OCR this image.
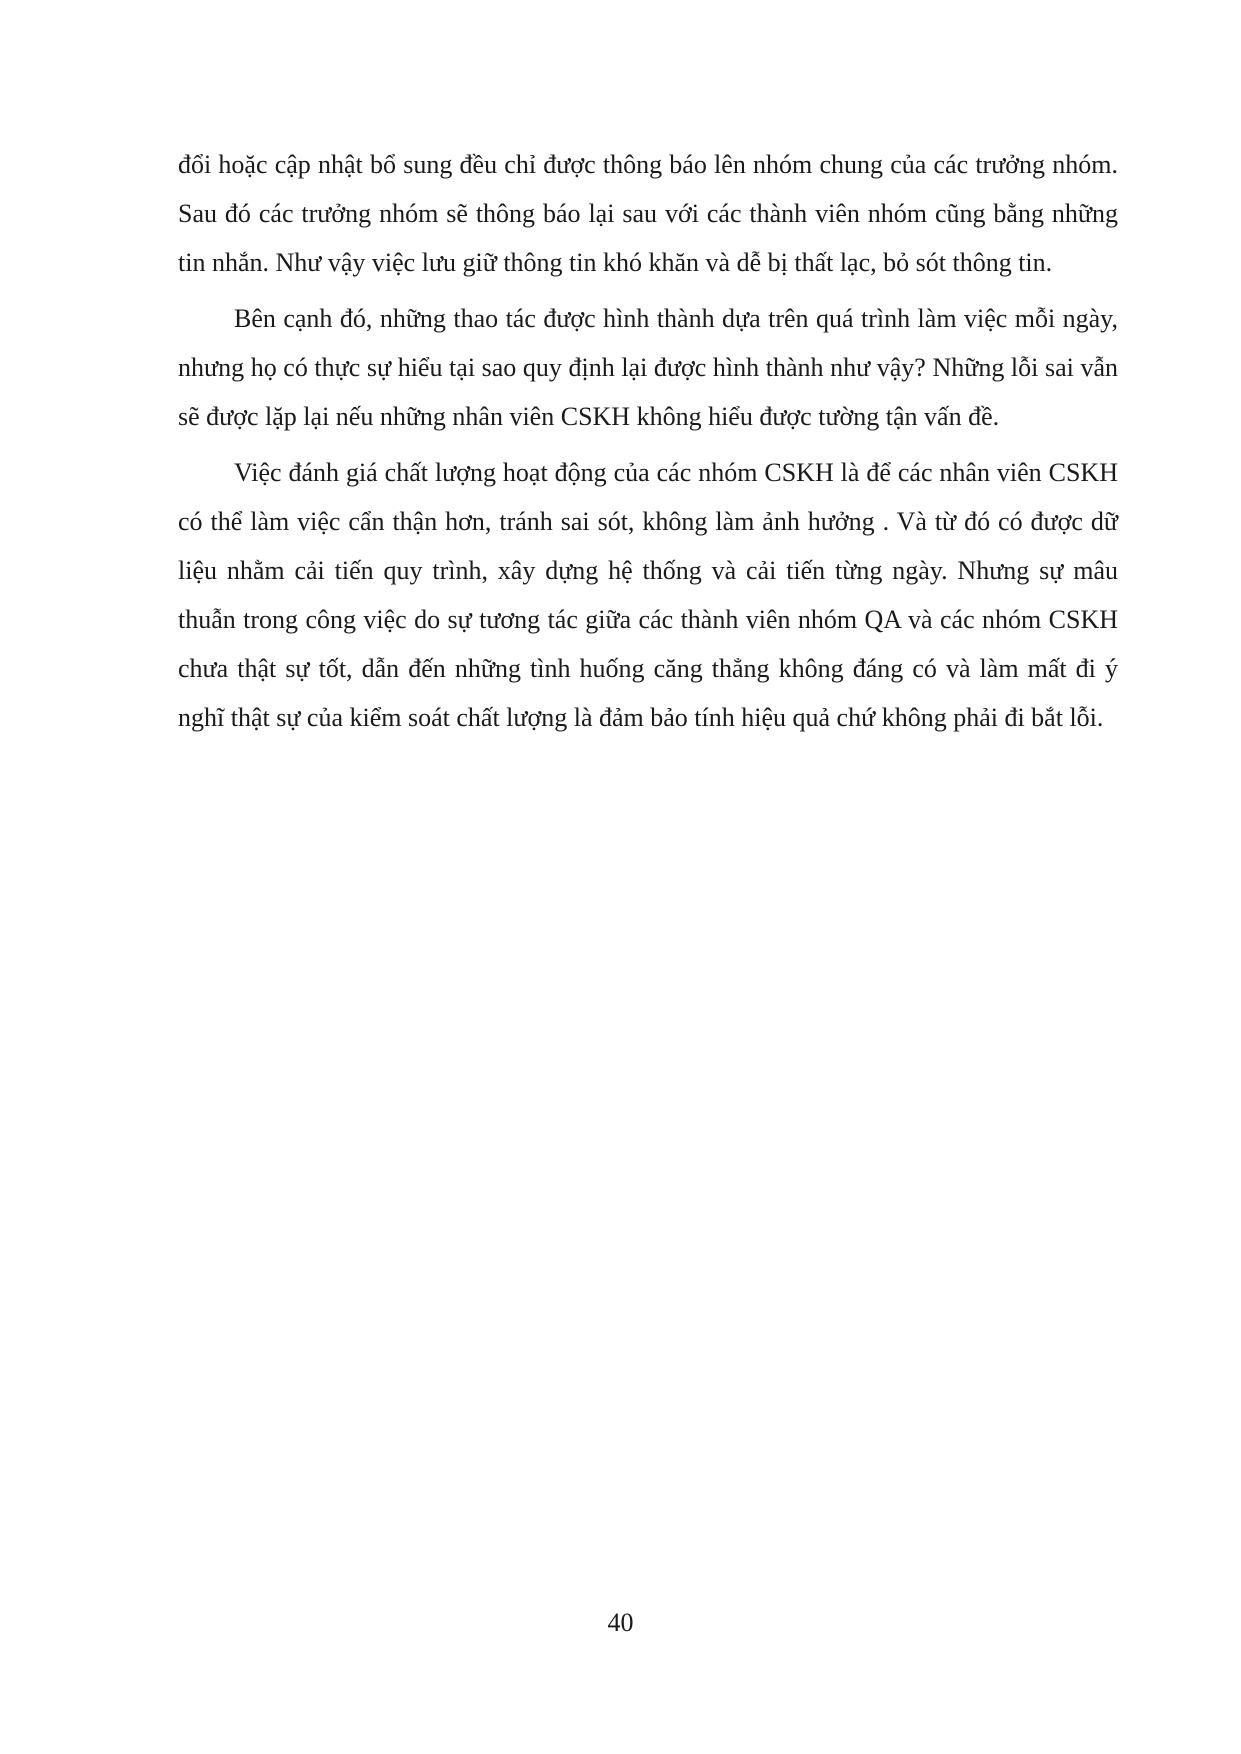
đổi hoặc cập nhật bổ sung đều chỉ được thông báo lên nhóm chung của các trưởng nhóm. Sau đó các trưởng nhóm sẽ thông báo lại sau với các thành viên nhóm cũng bằng những tin nhắn. Như vậy việc lưu giữ thông tin khó khăn và dễ bị thất lạc, bỏ sót thông tin.

Bên cạnh đó, những thao tác được hình thành dựa trên quá trình làm việc mỗi ngày, nhưng họ có thực sự hiểu tại sao quy định lại được hình thành như vậy? Những lỗi sai vẫn sẽ được lặp lại nếu những nhân viên CSKH không hiểu được tường tận vấn đề.

Việc đánh giá chất lượng hoạt động của các nhóm CSKH là để các nhân viên CSKH có thể làm việc cẩn thận hơn, tránh sai sót, không làm ảnh hưởng . Và từ đó có được dữ liệu nhằm cải tiến quy trình, xây dựng hệ thống và cải tiến từng ngày. Nhưng sự mâu thuẫn trong công việc do sự tương tác giữa các thành viên nhóm QA và các nhóm CSKH chưa thật sự tốt, dẫn đến những tình huống căng thẳng không đáng có và làm mất đi ý nghĩ thật sự của kiểm soát chất lượng là đảm bảo tính hiệu quả chứ không phải đi bắt lỗi.

40
